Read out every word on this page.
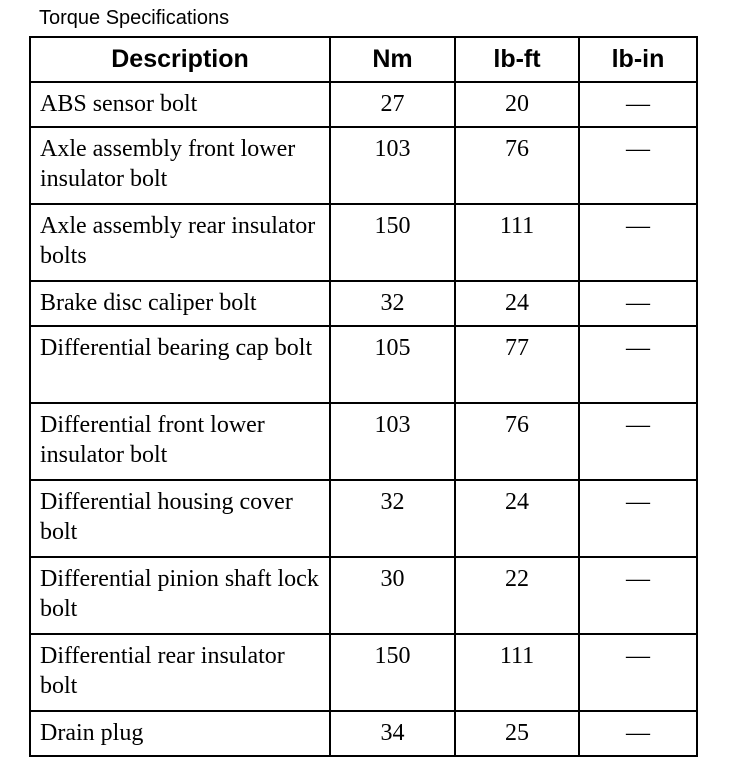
Torque Specifications
Description	Nm	lb-ft	lb-in
ABS sensor bolt	27	20	—
Axle assembly front lower insulator bolt	103	76	—
Axle assembly rear insulator bolts	150	111	—
Brake disc caliper bolt	32	24	—
Differential bearing cap bolt	105	77	—
Differential front lower insulator bolt	103	76	—
Differential housing cover bolt	32	24	—
Differential pinion shaft lock bolt	30	22	—
Differential rear insulator bolt	150	111	—
Drain plug	34	25	—
